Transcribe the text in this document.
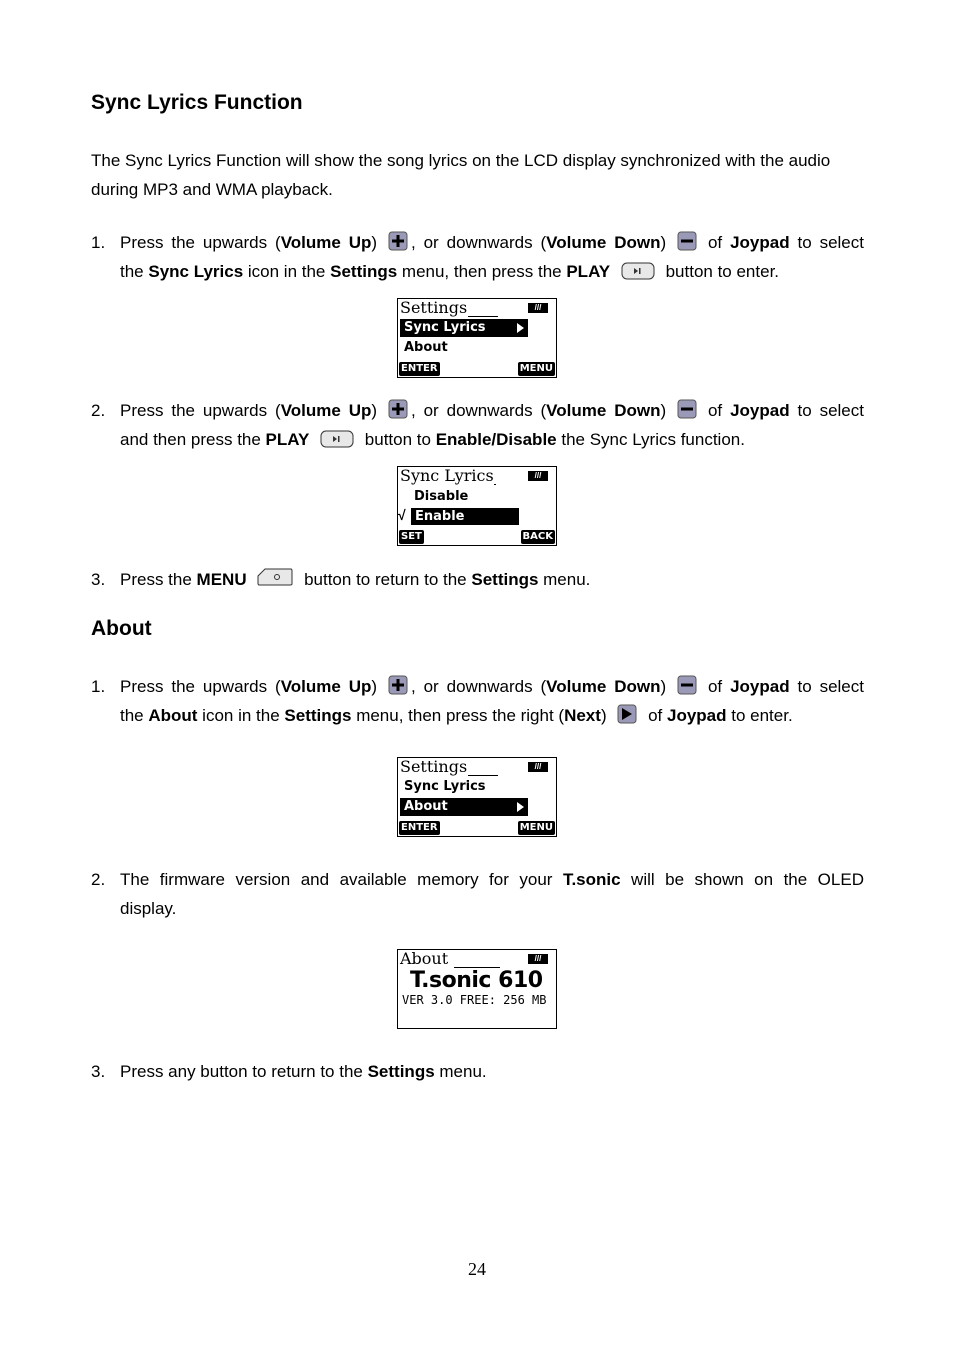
Sync Lyrics Function

The Sync Lyrics Function will show the song lyrics on the LCD display synchronized with the audio
during MP3 and WMA playback.

1. Press the upwards (Volume Up) , or downwards (Volume Down) of Joypad to select
the Sync Lyrics icon in the Settings menu, then press the PLAY	button to enter.
Settings	///
Sync Lyrics
About
ENTER	MENU
2. Press the upwards (Volume Up) , or downwards (Volume Down) of Joypad to select
and then press the PLAY	button to Enable/Disable the Sync Lyrics function.
Sync Lyrics	///
Disable
√ Enable
SET	BACK
3. Press the MENU	button to return to the Settings menu.
About
1. Press the upwards (Volume Up) , or downwards (Volume Down) of Joypad to select
the About icon in the Settings menu, then press the right (Next) of Joypad to enter.
Settings	///
Sync Lyrics
About
ENTER	MENU
2. The firmware version and available memory for your T.sonic will be shown on the OLED
display.
About	///
T.sonic 610
VER 3.0 FREE: 256 MB
3. Press any button to return to the Settings menu.
24
